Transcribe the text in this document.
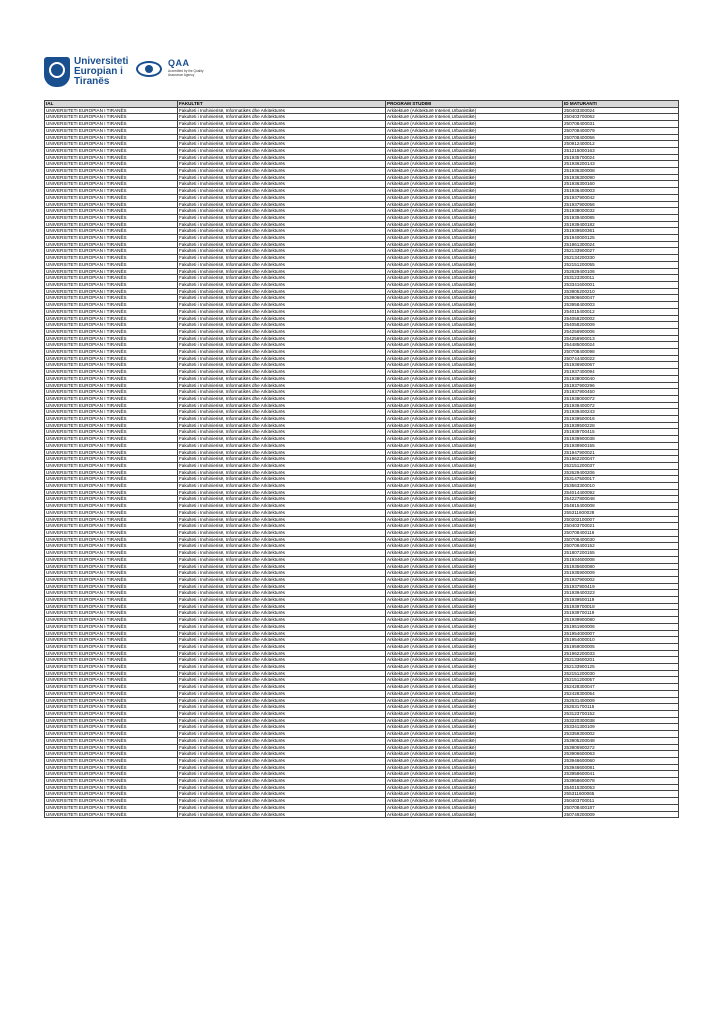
Universiteti
Europian i
Tiranës
QAA
Accredited by the Quality Assurance Agency
IAL	FAKULTET	PROGRAM STUDIMI	ID MATURANTI
UNIVERSITETI EUROPIAN I TIRANËS	Fakulteti i Inxhinierisë, Informatikës dhe Arkitekturës	Arkitekturë (Arkitekturë Interieri,Urbanistikë)	250403300024
UNIVERSITETI EUROPIAN I TIRANËS	Fakulteti i Inxhinierisë, Informatikës dhe Arkitekturës	Arkitekturë (Arkitekturë Interieri,Urbanistikë)	250403700062
UNIVERSITETI EUROPIAN I TIRANËS	Fakulteti i Inxhinierisë, Informatikës dhe Arkitekturës	Arkitekturë (Arkitekturë Interieri,Urbanistikë)	250708400031
UNIVERSITETI EUROPIAN I TIRANËS	Fakulteti i Inxhinierisë, Informatikës dhe Arkitekturës	Arkitekturë (Arkitekturë Interieri,Urbanistikë)	250708400079
UNIVERSITETI EUROPIAN I TIRANËS	Fakulteti i Inxhinierisë, Informatikës dhe Arkitekturës	Arkitekturë (Arkitekturë Interieri,Urbanistikë)	250708400056
UNIVERSITETI EUROPIAN I TIRANËS	Fakulteti i Inxhinierisë, Informatikës dhe Arkitekturës	Arkitekturë (Arkitekturë Interieri,Urbanistikë)	250912400012
UNIVERSITETI EUROPIAN I TIRANËS	Fakulteti i Inxhinierisë, Informatikës dhe Arkitekturës	Arkitekturë (Arkitekturë Interieri,Urbanistikë)	251215000163
UNIVERSITETI EUROPIAN I TIRANËS	Fakulteti i Inxhinierisë, Informatikës dhe Arkitekturës	Arkitekturë (Arkitekturë Interieri,Urbanistikë)	251935700024
UNIVERSITETI EUROPIAN I TIRANËS	Fakulteti i Inxhinierisë, Informatikës dhe Arkitekturës	Arkitekturë (Arkitekturë Interieri,Urbanistikë)	251936200143
UNIVERSITETI EUROPIAN I TIRANËS	Fakulteti i Inxhinierisë, Informatikës dhe Arkitekturës	Arkitekturë (Arkitekturë Interieri,Urbanistikë)	251936300008
UNIVERSITETI EUROPIAN I TIRANËS	Fakulteti i Inxhinierisë, Informatikës dhe Arkitekturës	Arkitekturë (Arkitekturë Interieri,Urbanistikë)	251936300090
UNIVERSITETI EUROPIAN I TIRANËS	Fakulteti i Inxhinierisë, Informatikës dhe Arkitekturës	Arkitekturë (Arkitekturë Interieri,Urbanistikë)	251936300160
UNIVERSITETI EUROPIAN I TIRANËS	Fakulteti i Inxhinierisë, Informatikës dhe Arkitekturës	Arkitekturë (Arkitekturë Interieri,Urbanistikë)	251936400003
UNIVERSITETI EUROPIAN I TIRANËS	Fakulteti i Inxhinierisë, Informatikës dhe Arkitekturës	Arkitekturë (Arkitekturë Interieri,Urbanistikë)	251937900042
UNIVERSITETI EUROPIAN I TIRANËS	Fakulteti i Inxhinierisë, Informatikës dhe Arkitekturës	Arkitekturë (Arkitekturë Interieri,Urbanistikë)	251937900056
UNIVERSITETI EUROPIAN I TIRANËS	Fakulteti i Inxhinierisë, Informatikës dhe Arkitekturës	Arkitekturë (Arkitekturë Interieri,Urbanistikë)	251938000032
UNIVERSITETI EUROPIAN I TIRANËS	Fakulteti i Inxhinierisë, Informatikës dhe Arkitekturës	Arkitekturë (Arkitekturë Interieri,Urbanistikë)	251939400085
UNIVERSITETI EUROPIAN I TIRANËS	Fakulteti i Inxhinierisë, Informatikës dhe Arkitekturës	Arkitekturë (Arkitekturë Interieri,Urbanistikë)	251939400182
UNIVERSITETI EUROPIAN I TIRANËS	Fakulteti i Inxhinierisë, Informatikës dhe Arkitekturës	Arkitekturë (Arkitekturë Interieri,Urbanistikë)	251939500361
UNIVERSITETI EUROPIAN I TIRANËS	Fakulteti i Inxhinierisë, Informatikës dhe Arkitekturës	Arkitekturë (Arkitekturë Interieri,Urbanistikë)	251940000125
UNIVERSITETI EUROPIAN I TIRANËS	Fakulteti i Inxhinierisë, Informatikës dhe Arkitekturës	Arkitekturë (Arkitekturë Interieri,Urbanistikë)	251961300024
UNIVERSITETI EUROPIAN I TIRANËS	Fakulteti i Inxhinierisë, Informatikës dhe Arkitekturës	Arkitekturë (Arkitekturë Interieri,Urbanistikë)	252133900027
UNIVERSITETI EUROPIAN I TIRANËS	Fakulteti i Inxhinierisë, Informatikës dhe Arkitekturës	Arkitekturë (Arkitekturë Interieri,Urbanistikë)	252134200330
UNIVERSITETI EUROPIAN I TIRANËS	Fakulteti i Inxhinierisë, Informatikës dhe Arkitekturës	Arkitekturë (Arkitekturë Interieri,Urbanistikë)	252151200055
UNIVERSITETI EUROPIAN I TIRANËS	Fakulteti i Inxhinierisë, Informatikës dhe Arkitekturës	Arkitekturë (Arkitekturë Interieri,Urbanistikë)	252629400106
UNIVERSITETI EUROPIAN I TIRANËS	Fakulteti i Inxhinierisë, Informatikës dhe Arkitekturës	Arkitekturë (Arkitekturë Interieri,Urbanistikë)	253123300011
UNIVERSITETI EUROPIAN I TIRANËS	Fakulteti i Inxhinierisë, Informatikës dhe Arkitekturës	Arkitekturë (Arkitekturë Interieri,Urbanistikë)	253341600001
UNIVERSITETI EUROPIAN I TIRANËS	Fakulteti i Inxhinierisë, Informatikës dhe Arkitekturës	Arkitekturë (Arkitekturë Interieri,Urbanistikë)	253905200210
UNIVERSITETI EUROPIAN I TIRANËS	Fakulteti i Inxhinierisë, Informatikës dhe Arkitekturës	Arkitekturë (Arkitekturë Interieri,Urbanistikë)	253906600047
UNIVERSITETI EUROPIAN I TIRANËS	Fakulteti i Inxhinierisë, Informatikës dhe Arkitekturës	Arkitekturë (Arkitekturë Interieri,Urbanistikë)	253958400003
UNIVERSITETI EUROPIAN I TIRANËS	Fakulteti i Inxhinierisë, Informatikës dhe Arkitekturës	Arkitekturë (Arkitekturë Interieri,Urbanistikë)	254015400012
UNIVERSITETI EUROPIAN I TIRANËS	Fakulteti i Inxhinierisë, Informatikës dhe Arkitekturës	Arkitekturë (Arkitekturë Interieri,Urbanistikë)	254058200002
UNIVERSITETI EUROPIAN I TIRANËS	Fakulteti i Inxhinierisë, Informatikës dhe Arkitekturës	Arkitekturë (Arkitekturë Interieri,Urbanistikë)	254058200009
UNIVERSITETI EUROPIAN I TIRANËS	Fakulteti i Inxhinierisë, Informatikës dhe Arkitekturës	Arkitekturë (Arkitekturë Interieri,Urbanistikë)	254256900006
UNIVERSITETI EUROPIAN I TIRANËS	Fakulteti i Inxhinierisë, Informatikës dhe Arkitekturës	Arkitekturë (Arkitekturë Interieri,Urbanistikë)	254256900013
UNIVERSITETI EUROPIAN I TIRANËS	Fakulteti i Inxhinierisë, Informatikës dhe Arkitekturës	Arkitekturë (Arkitekturë Interieri,Urbanistikë)	254485000024
UNIVERSITETI EUROPIAN I TIRANËS	Fakulteti i Inxhinierisë, Informatikës dhe Arkitekturës	Arkitekturë (Arkitekturë Interieri,Urbanistikë)	250708400098
UNIVERSITETI EUROPIAN I TIRANËS	Fakulteti i Inxhinierisë, Informatikës dhe Arkitekturës	Arkitekturë (Arkitekturë Interieri,Urbanistikë)	250744400022
UNIVERSITETI EUROPIAN I TIRANËS	Fakulteti i Inxhinierisë, Informatikës dhe Arkitekturës	Arkitekturë (Arkitekturë Interieri,Urbanistikë)	251936900067
UNIVERSITETI EUROPIAN I TIRANËS	Fakulteti i Inxhinierisë, Informatikës dhe Arkitekturës	Arkitekturë (Arkitekturë Interieri,Urbanistikë)	251937400094
UNIVERSITETI EUROPIAN I TIRANËS	Fakulteti i Inxhinierisë, Informatikës dhe Arkitekturës	Arkitekturë (Arkitekturë Interieri,Urbanistikë)	251938000040
UNIVERSITETI EUROPIAN I TIRANËS	Fakulteti i Inxhinierisë, Informatikës dhe Arkitekturës	Arkitekturë (Arkitekturë Interieri,Urbanistikë)	251937900296
UNIVERSITETI EUROPIAN I TIRANËS	Fakulteti i Inxhinierisë, Informatikës dhe Arkitekturës	Arkitekturë (Arkitekturë Interieri,Urbanistikë)	251937900450
UNIVERSITETI EUROPIAN I TIRANËS	Fakulteti i Inxhinierisë, Informatikës dhe Arkitekturës	Arkitekturë (Arkitekturë Interieri,Urbanistikë)	251938000072
UNIVERSITETI EUROPIAN I TIRANËS	Fakulteti i Inxhinierisë, Informatikës dhe Arkitekturës	Arkitekturë (Arkitekturë Interieri,Urbanistikë)	251939400072
UNIVERSITETI EUROPIAN I TIRANËS	Fakulteti i Inxhinierisë, Informatikës dhe Arkitekturës	Arkitekturë (Arkitekturë Interieri,Urbanistikë)	251939400243
UNIVERSITETI EUROPIAN I TIRANËS	Fakulteti i Inxhinierisë, Informatikës dhe Arkitekturës	Arkitekturë (Arkitekturë Interieri,Urbanistikë)	251939500016
UNIVERSITETI EUROPIAN I TIRANËS	Fakulteti i Inxhinierisë, Informatikës dhe Arkitekturës	Arkitekturë (Arkitekturë Interieri,Urbanistikë)	251939500228
UNIVERSITETI EUROPIAN I TIRANËS	Fakulteti i Inxhinierisë, Informatikës dhe Arkitekturës	Arkitekturë (Arkitekturë Interieri,Urbanistikë)	251939700415
UNIVERSITETI EUROPIAN I TIRANËS	Fakulteti i Inxhinierisë, Informatikës dhe Arkitekturës	Arkitekturë (Arkitekturë Interieri,Urbanistikë)	251939900038
UNIVERSITETI EUROPIAN I TIRANËS	Fakulteti i Inxhinierisë, Informatikës dhe Arkitekturës	Arkitekturë (Arkitekturë Interieri,Urbanistikë)	251939900155
UNIVERSITETI EUROPIAN I TIRANËS	Fakulteti i Inxhinierisë, Informatikës dhe Arkitekturës	Arkitekturë (Arkitekturë Interieri,Urbanistikë)	251947900021
UNIVERSITETI EUROPIAN I TIRANËS	Fakulteti i Inxhinierisë, Informatikës dhe Arkitekturës	Arkitekturë (Arkitekturë Interieri,Urbanistikë)	251962200047
UNIVERSITETI EUROPIAN I TIRANËS	Fakulteti i Inxhinierisë, Informatikës dhe Arkitekturës	Arkitekturë (Arkitekturë Interieri,Urbanistikë)	252151200037
UNIVERSITETI EUROPIAN I TIRANËS	Fakulteti i Inxhinierisë, Informatikës dhe Arkitekturës	Arkitekturë (Arkitekturë Interieri,Urbanistikë)	252629400206
UNIVERSITETI EUROPIAN I TIRANËS	Fakulteti i Inxhinierisë, Informatikës dhe Arkitekturës	Arkitekturë (Arkitekturë Interieri,Urbanistikë)	253147500017
UNIVERSITETI EUROPIAN I TIRANËS	Fakulteti i Inxhinierisë, Informatikës dhe Arkitekturës	Arkitekturë (Arkitekturë Interieri,Urbanistikë)	253563300010
UNIVERSITETI EUROPIAN I TIRANËS	Fakulteti i Inxhinierisë, Informatikës dhe Arkitekturës	Arkitekturë (Arkitekturë Interieri,Urbanistikë)	254014400092
UNIVERSITETI EUROPIAN I TIRANËS	Fakulteti i Inxhinierisë, Informatikës dhe Arkitekturës	Arkitekturë (Arkitekturë Interieri,Urbanistikë)	254227800048
UNIVERSITETI EUROPIAN I TIRANËS	Fakulteti i Inxhinierisë, Informatikës dhe Arkitekturës	Arkitekturë (Arkitekturë Interieri,Urbanistikë)	254815400008
UNIVERSITETI EUROPIAN I TIRANËS	Fakulteti i Inxhinierisë, Informatikës dhe Arkitekturës	Arkitekturë (Arkitekturë Interieri,Urbanistikë)	255311600028
UNIVERSITETI EUROPIAN I TIRANËS	Fakulteti i Inxhinierisë, Informatikës dhe Arkitekturës	Arkitekturë (Arkitekturë Interieri,Urbanistikë)	250202100007
UNIVERSITETI EUROPIAN I TIRANËS	Fakulteti i Inxhinierisë, Informatikës dhe Arkitekturës	Arkitekturë (Arkitekturë Interieri,Urbanistikë)	250403700021
UNIVERSITETI EUROPIAN I TIRANËS	Fakulteti i Inxhinierisë, Informatikës dhe Arkitekturës	Arkitekturë (Arkitekturë Interieri,Urbanistikë)	250708400116
UNIVERSITETI EUROPIAN I TIRANËS	Fakulteti i Inxhinierisë, Informatikës dhe Arkitekturës	Arkitekturë (Arkitekturë Interieri,Urbanistikë)	250708400030
UNIVERSITETI EUROPIAN I TIRANËS	Fakulteti i Inxhinierisë, Informatikës dhe Arkitekturës	Arkitekturë (Arkitekturë Interieri,Urbanistikë)	250708400152
UNIVERSITETI EUROPIAN I TIRANËS	Fakulteti i Inxhinierisë, Informatikës dhe Arkitekturës	Arkitekturë (Arkitekturë Interieri,Urbanistikë)	251807200155
UNIVERSITETI EUROPIAN I TIRANËS	Fakulteti i Inxhinierisë, Informatikës dhe Arkitekturës	Arkitekturë (Arkitekturë Interieri,Urbanistikë)	251934600008
UNIVERSITETI EUROPIAN I TIRANËS	Fakulteti i Inxhinierisë, Informatikës dhe Arkitekturës	Arkitekturë (Arkitekturë Interieri,Urbanistikë)	251935600080
UNIVERSITETI EUROPIAN I TIRANËS	Fakulteti i Inxhinierisë, Informatikës dhe Arkitekturës	Arkitekturë (Arkitekturë Interieri,Urbanistikë)	251935900009
UNIVERSITETI EUROPIAN I TIRANËS	Fakulteti i Inxhinierisë, Informatikës dhe Arkitekturës	Arkitekturë (Arkitekturë Interieri,Urbanistikë)	251937900002
UNIVERSITETI EUROPIAN I TIRANËS	Fakulteti i Inxhinierisë, Informatikës dhe Arkitekturës	Arkitekturë (Arkitekturë Interieri,Urbanistikë)	251937900419
UNIVERSITETI EUROPIAN I TIRANËS	Fakulteti i Inxhinierisë, Informatikës dhe Arkitekturës	Arkitekturë (Arkitekturë Interieri,Urbanistikë)	251939400323
UNIVERSITETI EUROPIAN I TIRANËS	Fakulteti i Inxhinierisë, Informatikës dhe Arkitekturës	Arkitekturë (Arkitekturë Interieri,Urbanistikë)	251939500119
UNIVERSITETI EUROPIAN I TIRANËS	Fakulteti i Inxhinierisë, Informatikës dhe Arkitekturës	Arkitekturë (Arkitekturë Interieri,Urbanistikë)	251939700018
UNIVERSITETI EUROPIAN I TIRANËS	Fakulteti i Inxhinierisë, Informatikës dhe Arkitekturës	Arkitekturë (Arkitekturë Interieri,Urbanistikë)	251939700119
UNIVERSITETI EUROPIAN I TIRANËS	Fakulteti i Inxhinierisë, Informatikës dhe Arkitekturës	Arkitekturë (Arkitekturë Interieri,Urbanistikë)	251939900080
UNIVERSITETI EUROPIAN I TIRANËS	Fakulteti i Inxhinierisë, Informatikës dhe Arkitekturës	Arkitekturë (Arkitekturë Interieri,Urbanistikë)	251951900006
UNIVERSITETI EUROPIAN I TIRANËS	Fakulteti i Inxhinierisë, Informatikës dhe Arkitekturës	Arkitekturë (Arkitekturë Interieri,Urbanistikë)	251954000007
UNIVERSITETI EUROPIAN I TIRANËS	Fakulteti i Inxhinierisë, Informatikës dhe Arkitekturës	Arkitekturë (Arkitekturë Interieri,Urbanistikë)	251954000010
UNIVERSITETI EUROPIAN I TIRANËS	Fakulteti i Inxhinierisë, Informatikës dhe Arkitekturës	Arkitekturë (Arkitekturë Interieri,Urbanistikë)	251959000005
UNIVERSITETI EUROPIAN I TIRANËS	Fakulteti i Inxhinierisë, Informatikës dhe Arkitekturës	Arkitekturë (Arkitekturë Interieri,Urbanistikë)	251962200033
UNIVERSITETI EUROPIAN I TIRANËS	Fakulteti i Inxhinierisë, Informatikës dhe Arkitekturës	Arkitekturë (Arkitekturë Interieri,Urbanistikë)	252133600201
UNIVERSITETI EUROPIAN I TIRANËS	Fakulteti i Inxhinierisë, Informatikës dhe Arkitekturës	Arkitekturë (Arkitekturë Interieri,Urbanistikë)	252133900125
UNIVERSITETI EUROPIAN I TIRANËS	Fakulteti i Inxhinierisë, Informatikës dhe Arkitekturës	Arkitekturë (Arkitekturë Interieri,Urbanistikë)	252151200030
UNIVERSITETI EUROPIAN I TIRANËS	Fakulteti i Inxhinierisë, Informatikës dhe Arkitekturës	Arkitekturë (Arkitekturë Interieri,Urbanistikë)	252151200057
UNIVERSITETI EUROPIAN I TIRANËS	Fakulteti i Inxhinierisë, Informatikës dhe Arkitekturës	Arkitekturë (Arkitekturë Interieri,Urbanistikë)	252428300047
UNIVERSITETI EUROPIAN I TIRANËS	Fakulteti i Inxhinierisë, Informatikës dhe Arkitekturës	Arkitekturë (Arkitekturë Interieri,Urbanistikë)	252428300054
UNIVERSITETI EUROPIAN I TIRANËS	Fakulteti i Inxhinierisë, Informatikës dhe Arkitekturës	Arkitekturë (Arkitekturë Interieri,Urbanistikë)	252631400009
UNIVERSITETI EUROPIAN I TIRANËS	Fakulteti i Inxhinierisë, Informatikës dhe Arkitekturës	Arkitekturë (Arkitekturë Interieri,Urbanistikë)	252631700115
UNIVERSITETI EUROPIAN I TIRANËS	Fakulteti i Inxhinierisë, Informatikës dhe Arkitekturës	Arkitekturë (Arkitekturë Interieri,Urbanistikë)	253123700152
UNIVERSITETI EUROPIAN I TIRANËS	Fakulteti i Inxhinierisë, Informatikës dhe Arkitekturës	Arkitekturë (Arkitekturë Interieri,Urbanistikë)	253220300038
UNIVERSITETI EUROPIAN I TIRANËS	Fakulteti i Inxhinierisë, Informatikës dhe Arkitekturës	Arkitekturë (Arkitekturë Interieri,Urbanistikë)	253341300109
UNIVERSITETI EUROPIAN I TIRANËS	Fakulteti i Inxhinierisë, Informatikës dhe Arkitekturës	Arkitekturë (Arkitekturë Interieri,Urbanistikë)	253359300002
UNIVERSITETI EUROPIAN I TIRANËS	Fakulteti i Inxhinierisë, Informatikës dhe Arkitekturës	Arkitekturë (Arkitekturë Interieri,Urbanistikë)	253905200048
UNIVERSITETI EUROPIAN I TIRANËS	Fakulteti i Inxhinierisë, Informatikës dhe Arkitekturës	Arkitekturë (Arkitekturë Interieri,Urbanistikë)	253905900272
UNIVERSITETI EUROPIAN I TIRANËS	Fakulteti i Inxhinierisë, Informatikës dhe Arkitekturës	Arkitekturë (Arkitekturë Interieri,Urbanistikë)	253906600063
UNIVERSITETI EUROPIAN I TIRANËS	Fakulteti i Inxhinierisë, Informatikës dhe Arkitekturës	Arkitekturë (Arkitekturë Interieri,Urbanistikë)	253946600060
UNIVERSITETI EUROPIAN I TIRANËS	Fakulteti i Inxhinierisë, Informatikës dhe Arkitekturës	Arkitekturë (Arkitekturë Interieri,Urbanistikë)	253946600081
UNIVERSITETI EUROPIAN I TIRANËS	Fakulteti i Inxhinierisë, Informatikës dhe Arkitekturës	Arkitekturë (Arkitekturë Interieri,Urbanistikë)	253958600041
UNIVERSITETI EUROPIAN I TIRANËS	Fakulteti i Inxhinierisë, Informatikës dhe Arkitekturës	Arkitekturë (Arkitekturë Interieri,Urbanistikë)	253958600078
UNIVERSITETI EUROPIAN I TIRANËS	Fakulteti i Inxhinierisë, Informatikës dhe Arkitekturës	Arkitekturë (Arkitekturë Interieri,Urbanistikë)	254015300053
UNIVERSITETI EUROPIAN I TIRANËS	Fakulteti i Inxhinierisë, Informatikës dhe Arkitekturës	Arkitekturë (Arkitekturë Interieri,Urbanistikë)	255311600065
UNIVERSITETI EUROPIAN I TIRANËS	Fakulteti i Inxhinierisë, Informatikës dhe Arkitekturës	Arkitekturë (Arkitekturë Interieri,Urbanistikë)	250403700011
UNIVERSITETI EUROPIAN I TIRANËS	Fakulteti i Inxhinierisë, Informatikës dhe Arkitekturës	Arkitekturë (Arkitekturë Interieri,Urbanistikë)	250708400187
UNIVERSITETI EUROPIAN I TIRANËS	Fakulteti i Inxhinierisë, Informatikës dhe Arkitekturës	Arkitekturë (Arkitekturë Interieri,Urbanistikë)	250749200009
